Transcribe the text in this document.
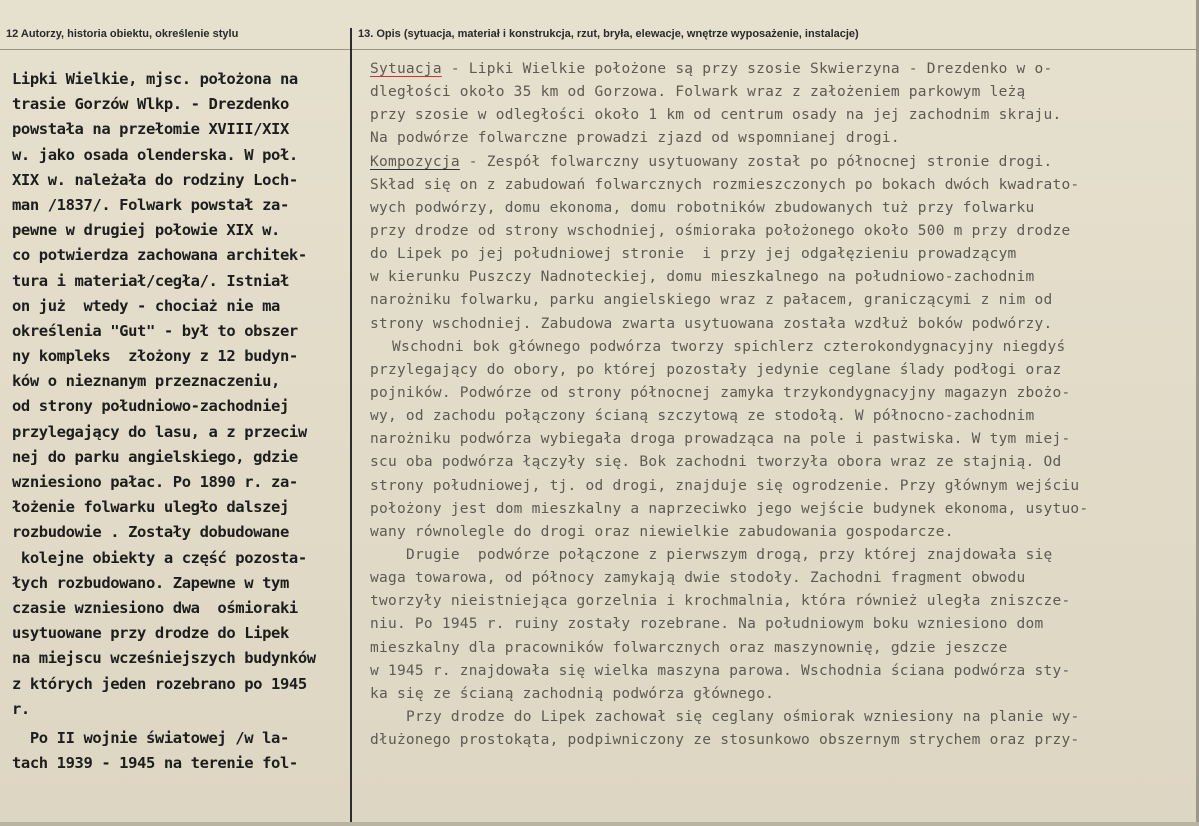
12 Autorzy, historia obiektu, określenie stylu	13. Opis (sytuacja, materiał i konstrukcja, rzut, bryła, elewacje, wnętrze wyposażenie, instalacje)
Lipki Wielkie, mjsc. położona na
trasie Gorzów Wlkp. - Drezdenko
powstała na przełomie XVIII/XIX
w. jako osada olenderska. W poł.
XIX w. należała do rodziny Loch-
man /1837/. Folwark powstał za-
pewne w drugiej połowie XIX w.
co potwierdza zachowana architek-
tura i materiał/cegła/. Istniał
on już  wtedy - chociaż nie ma
określenia "Gut" - był to obszer
ny kompleks  złożony z 12 budyn-
ków o nieznanym przeznaczeniu,
od strony południowo-zachodniej
przylegający do lasu, a z przeciw
nej do parku angielskiego, gdzie
wzniesiono pałac. Po 1890 r. za-
łożenie folwarku uległo dalszej
rozbudowie . Zostały dobudowane
kolejne obiekty a część pozosta-
łych rozbudowano. Zapewne w tym
czasie wzniesiono dwa  ośmioraki
usytuowane przy drodze do Lipek
na miejscu wcześniejszych budynków
z których jeden rozebrano po 1945
r.
Po II wojnie światowej /w la-
tach 1939 - 1945 na terenie fol-
Sytuacja - Lipki Wielkie położone są przy szosie Skwierzyna - Drezdenko w o-
dległości około 35 km od Gorzowa. Folwark wraz z założeniem parkowym leżą
przy szosie w odległości około 1 km od centrum osady na jej zachodnim skraju.
Na podwórze folwarczne prowadzi zjazd od wspomnianej drogi.
Kompozycja - Zespół folwarczny usytuowany został po północnej stronie drogi.
Skład się on z zabudowań folwarcznych rozmieszczonych po bokach dwóch kwadrato-
wych podwórzy, domu ekonoma, domu robotników zbudowanych tuż przy folwarku
przy drodze od strony wschodniej, ośmioraka położonego około 500 m przy drodze
do Lipek po jej południowej stronie  i przy jej odgałęzieniu prowadzącym
w kierunku Puszczy Nadnoteckiej, domu mieszkalnego na południowo-zachodnim
narożniku folwarku, parku angielskiego wraz z pałacem, graniczącymi z nim od
strony wschodniej. Zabudowa zwarta usytuowana została wzdłuż boków podwórzy.
Wschodni bok głównego podwórza tworzy spichlerz czterokondygnacyjny niegdyś
przylegający do obory, po której pozostały jedynie ceglane ślady podłogi oraz
pojników. Podwórze od strony północnej zamyka trzykondygnacyjny magazyn zbożo-
wy, od zachodu połączony ścianą szczytową ze stodołą. W północno-zachodnim
narożniku podwórza wybiegała droga prowadząca na pole i pastwiska. W tym miej-
scu oba podwórza łączyły się. Bok zachodni tworzyła obora wraz ze stajnią. Od
strony południowej, tj. od drogi, znajduje się ogrodzenie. Przy głównym wejściu
położony jest dom mieszkalny a naprzeciwko jego wejście budynek ekonoma, usytuo-
wany równolegle do drogi oraz niewielkie zabudowania gospodarcze.
Drugie  podwórze połączone z pierwszym drogą, przy której znajdowała się
waga towarowa, od północy zamykają dwie stodoły. Zachodni fragment obwodu
tworzyły nieistniejąca gorzelnia i krochmalnia, która również uległa zniszcze-
niu. Po 1945 r. ruiny zostały rozebrane. Na południowym boku wzniesiono dom
mieszkalny dla pracowników folwarcznych oraz maszynownię, gdzie jeszcze
w 1945 r. znajdowała się wielka maszyna parowa. Wschodnia ściana podwórza sty-
ka się ze ścianą zachodnią podwórza głównego.
Przy drodze do Lipek zachował się ceglany ośmiorak wzniesiony na planie wy-
dłużonego prostokąta, podpiwniczony ze stosunkowo obszernym strychem oraz przy-
